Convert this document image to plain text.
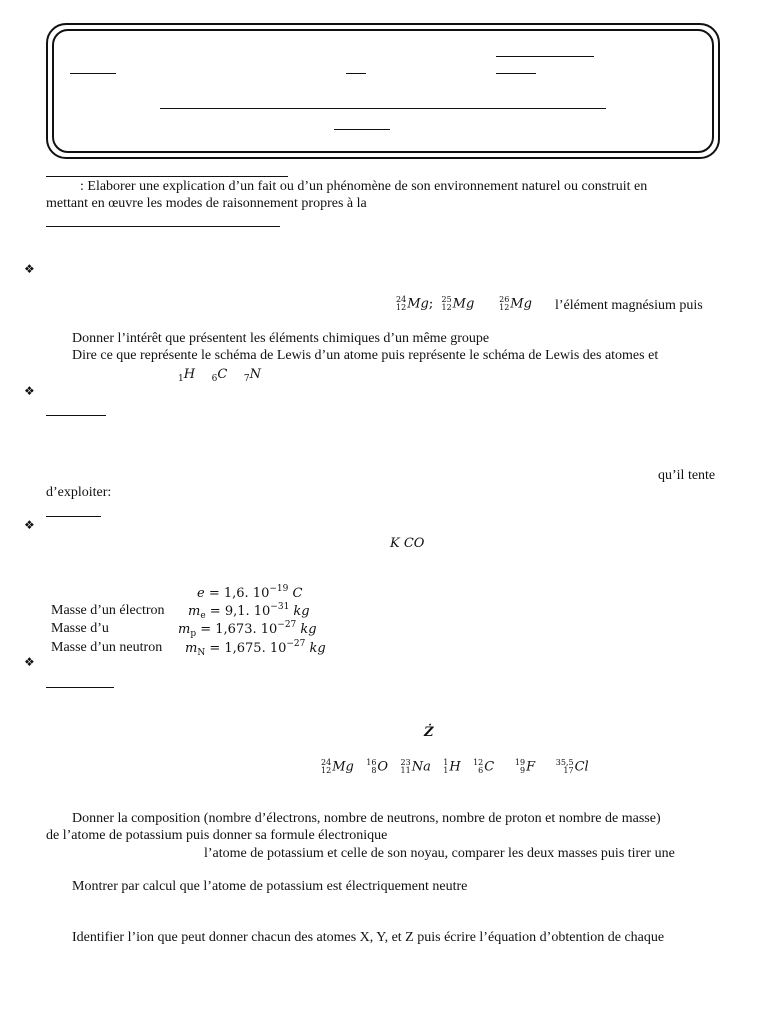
: Elaborer une explication d’un fait ou d’un phénomène de son environnement naturel ou construit en
mettant en œuvre les modes de raisonnement propres à la
❖
24
12 Mg; 25
12 Mg	26
12 Mg l’élément magnésium puis
Donner l’intérêt que présentent les éléments chimiques d’un même groupe
Dire ce que représente le schéma de Lewis d’un atome puis représente le schéma de Lewis des atomes et
$_1$H $_6$C $_7$N
❖
qu’il tente
d’exploiter:
❖
K CO
e = 1,6. $10^{-19}$ C
Masse d’un électron $m_e = 9,1$. $10^{-31}$ kg
Masse d’u	$m_p = 1,673$. $10^{-27}$ kg
Masse d’un neutron $m_N = 1,675$. $10^{-27}$ kg
❖
Ż
24
12 Mg 16
8 O 23
11 Na 1
1 H 12
6 C	19
9 F	35,5
17 Cl
Donner la composition (nombre d’électrons, nombre de neutrons, nombre de proton et nombre de masse)
de l’atome de potassium puis donner sa formule électronique
l’atome de potassium et celle de son noyau, comparer les deux masses puis tirer une
Montrer par calcul que l’atome de potassium est électriquement neutre
Identifier l’ion que peut donner chacun des atomes X, Y, et Z puis écrire l’équation d’obtention de chaque
